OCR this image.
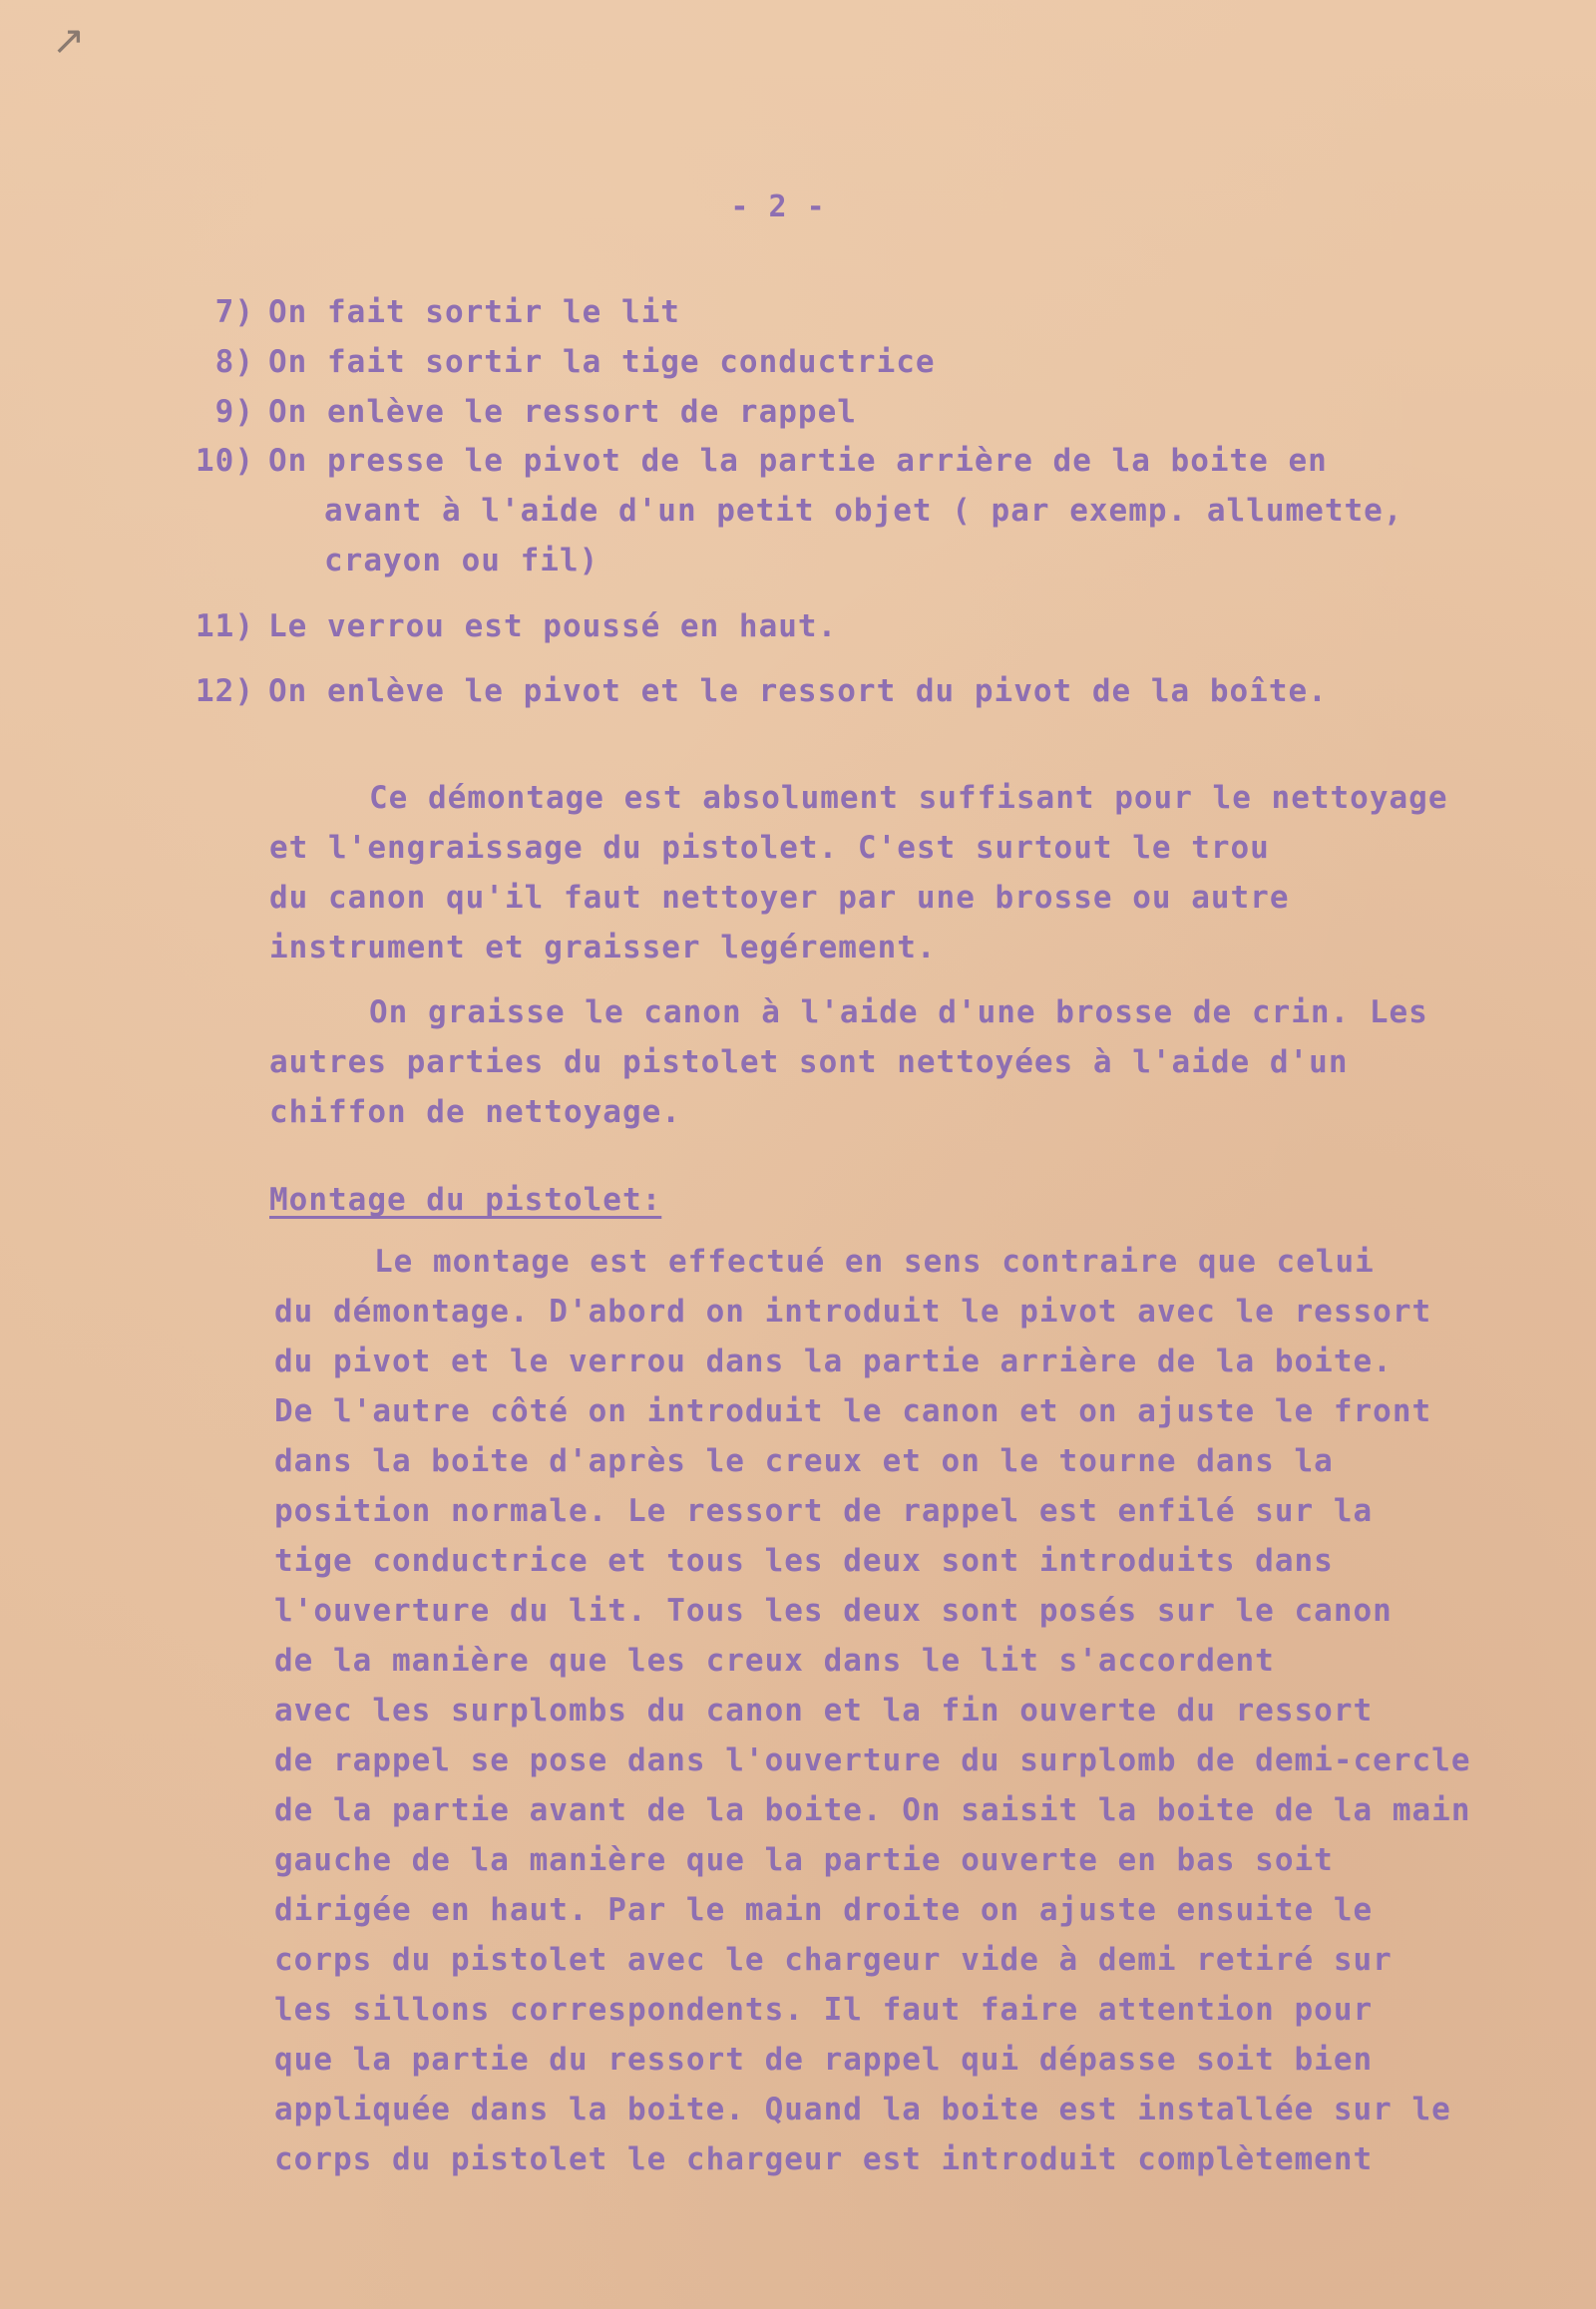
↗
- 2 -
7) On fait sortir le lit
8) On fait sortir la tige conductrice
9) On enlève le ressort de rappel
10) On presse le pivot de la partie arrière de la boite en
avant à l'aide d'un petit objet ( par exemp. allumette,
crayon ou fil)
11) Le verrou est poussé en haut.
12) On enlève le pivot et le ressort du pivot de la boîte.
Ce démontage est absolument suffisant pour le nettoyage
et l'engraissage du pistolet. C'est surtout le trou
du canon qu'il faut nettoyer par une brosse ou autre
instrument et graisser legérement.
On graisse le canon à l'aide d'une brosse de crin. Les
autres parties du pistolet sont nettoyées à l'aide d'un
chiffon de nettoyage.
Montage du pistolet:
Le montage est effectué en sens contraire que celui
du démontage. D'abord on introduit le pivot avec le ressort
du pivot et le verrou dans la partie arrière de la boite.
De l'autre côté on introduit le canon et on ajuste le front
dans la boite d'après le creux et on le tourne dans la
position normale. Le ressort de rappel est enfilé sur la
tige conductrice et tous les deux sont introduits dans
l'ouverture du lit. Tous les deux sont posés sur le canon
de la manière que les creux dans le lit s'accordent
avec les surplombs du canon et la fin ouverte du ressort
de rappel se pose dans l'ouverture du surplomb de demi-cercle
de la partie avant de la boite. On saisit la boite de la main
gauche de la manière que la partie ouverte en bas soit
dirigée en haut. Par le main droite on ajuste ensuite le
corps du pistolet avec le chargeur vide à demi retiré sur
les sillons correspondents. Il faut faire attention pour
que la partie du ressort de rappel qui dépasse soit bien
appliquée dans la boite. Quand la boite est installée sur le
corps du pistolet le chargeur est introduit complètement
